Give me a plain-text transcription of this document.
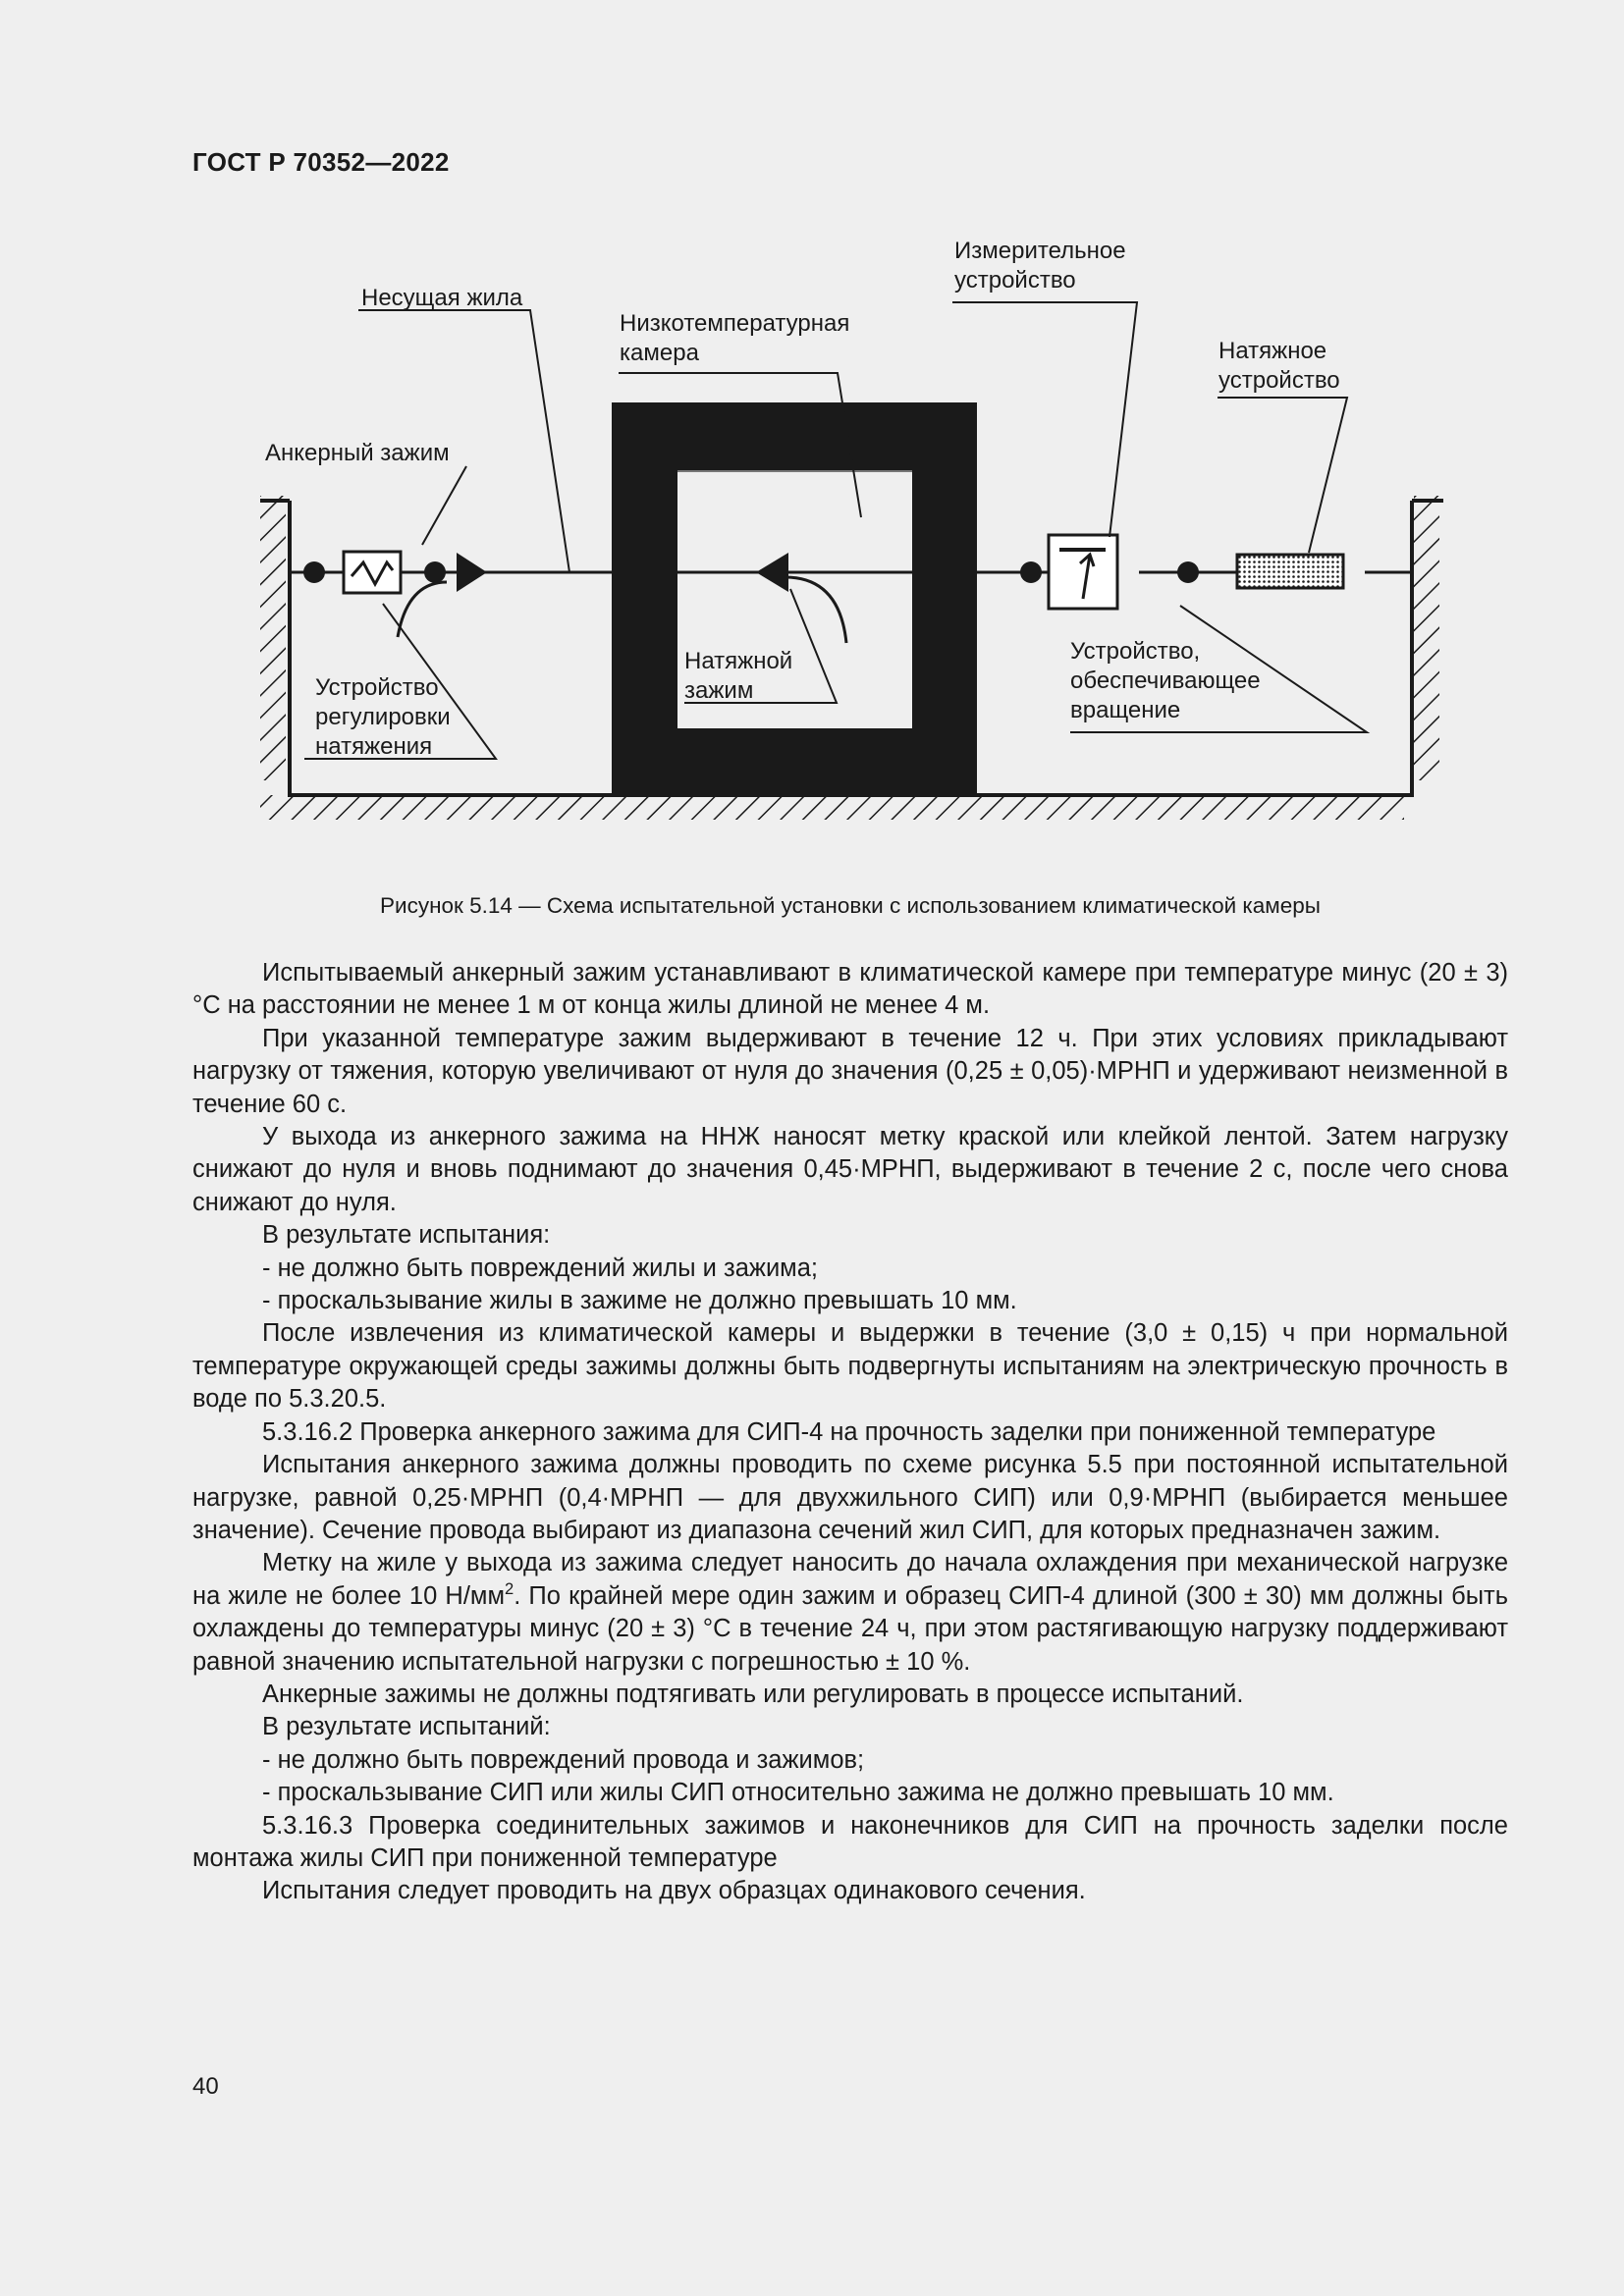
ГОСТ Р 70352—2022
Несущая жила
Низкотемпературная
камера
Измерительное
устройство
Натяжное
устройство
Анкерный зажим
Устройство
регулировки
натяжения
Натяжной
зажим
Устройство,
обеспечивающее
вращение
Рисунок 5.14 — Схема испытательной установки с использованием климатической камеры

Испытываемый анкерный зажим устанавливают в климатической камере при температуре минус (20 ± 3) °С на расстоянии не менее 1 м от конца жилы длиной не менее 4 м.

При указанной температуре зажим выдерживают в течение 12 ч. При этих условиях прикладывают нагрузку от тяжения, которую увеличивают от нуля до значения (0,25 ± 0,05)·МРНП и удерживают неизменной в течение 60 с.

У выхода из анкерного зажима на ННЖ наносят метку краской или клейкой лентой. Затем нагрузку снижают до нуля и вновь поднимают до значения 0,45·МРНП, выдерживают в течение 2 с, после чего снова снижают до нуля.

В результате испытания:

- не должно быть повреждений жилы и зажима;

- проскальзывание жилы в зажиме не должно превышать 10 мм.

После извлечения из климатической камеры и выдержки в течение (3,0 ± 0,15) ч при нормальной температуре окружающей среды зажимы должны быть подвергнуты испытаниям на электрическую прочность в воде по 5.3.20.5.

5.3.16.2 Проверка анкерного зажима для СИП-4 на прочность заделки при пониженной температуре

Испытания анкерного зажима должны проводить по схеме рисунка 5.5 при постоянной испытательной нагрузке, равной 0,25·МРНП (0,4·МРНП — для двухжильного СИП) или 0,9·МРНП (выбирается меньшее значение). Сечение провода выбирают из диапазона сечений жил СИП, для которых предназначен зажим.

Метку на жиле у выхода из зажима следует наносить до начала охлаждения при механической нагрузке на жиле не более 10 $Н/мм^2$. По крайней мере один зажим и образец СИП-4 длиной (300 ± 30) мм должны быть охлаждены до температуры минус (20 ± 3) °С в течение 24 ч, при этом растягивающую нагрузку поддерживают равной значению испытательной нагрузки с погрешностью ± 10 %.

Анкерные зажимы не должны подтягивать или регулировать в процессе испытаний.

В результате испытаний:

- не должно быть повреждений провода и зажимов;

- проскальзывание СИП или жилы СИП относительно зажима не должно превышать 10 мм.

5.3.16.3 Проверка соединительных зажимов и наконечников для СИП на прочность заделки после монтажа жилы СИП при пониженной температуре

Испытания следует проводить на двух образцах одинакового сечения.

40
